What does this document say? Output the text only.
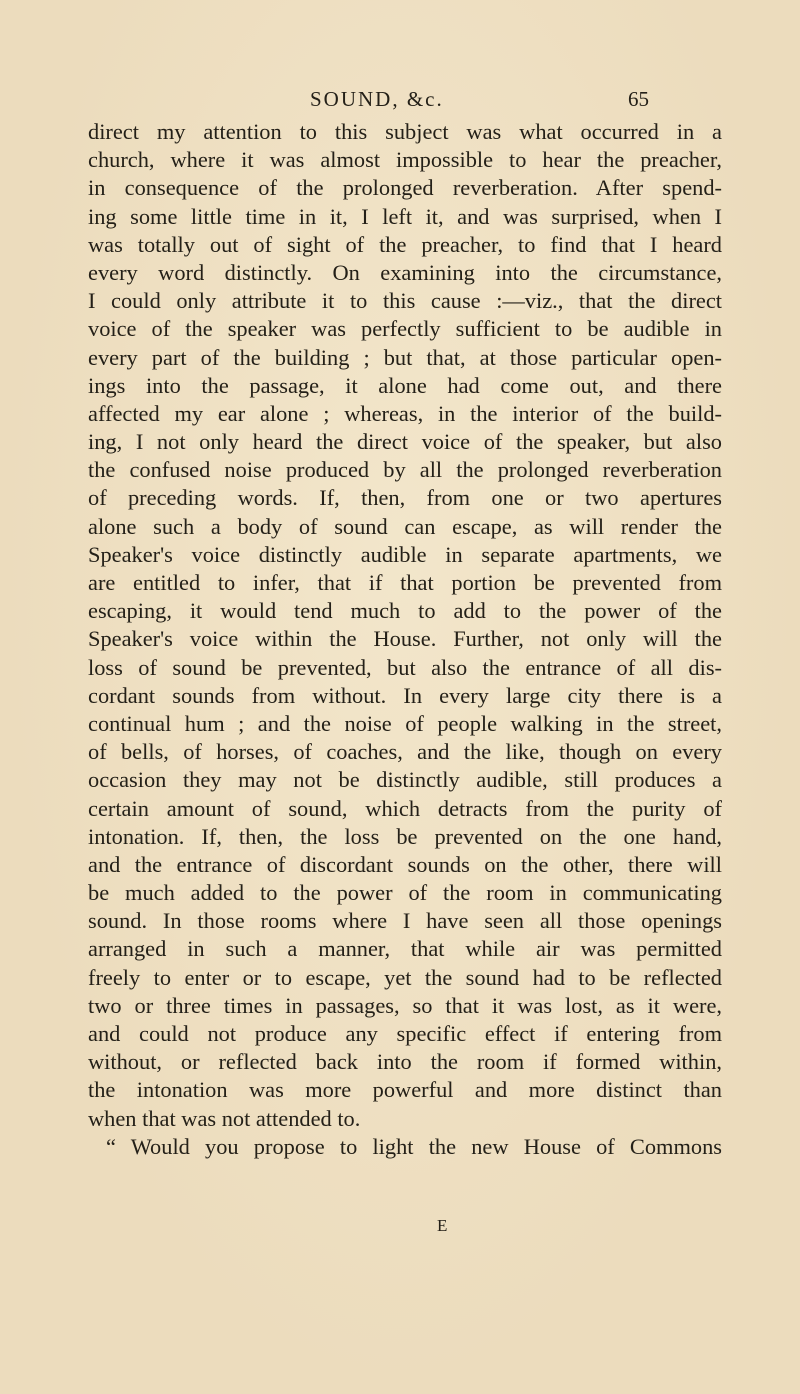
SOUND, &c.	65
direct my attention to this subject was what occurred in a
church, where it was almost impossible to hear the preacher,
in consequence of the prolonged reverberation. After spend-
ing some little time in it, I left it, and was surprised, when I
was totally out of sight of the preacher, to find that I heard
every word distinctly. On examining into the circumstance,
I could only attribute it to this cause :—viz., that the direct
voice of the speaker was perfectly sufficient to be audible in
every part of the building ; but that, at those particular open-
ings into the passage, it alone had come out, and there
affected my ear alone ; whereas, in the interior of the build-
ing, I not only heard the direct voice of the speaker, but also
the confused noise produced by all the prolonged reverberation
of preceding words. If, then, from one or two apertures
alone such a body of sound can escape, as will render the
Speaker's voice distinctly audible in separate apartments, we
are entitled to infer, that if that portion be prevented from
escaping, it would tend much to add to the power of the
Speaker's voice within the House. Further, not only will the
loss of sound be prevented, but also the entrance of all dis-
cordant sounds from without. In every large city there is a
continual hum ; and the noise of people walking in the street,
of bells, of horses, of coaches, and the like, though on every
occasion they may not be distinctly audible, still produces a
certain amount of sound, which detracts from the purity of
intonation. If, then, the loss be prevented on the one hand,
and the entrance of discordant sounds on the other, there will
be much added to the power of the room in communicating
sound. In those rooms where I have seen all those openings
arranged in such a manner, that while air was permitted
freely to enter or to escape, yet the sound had to be reflected
two or three times in passages, so that it was lost, as it were,
and could not produce any specific effect if entering from
without, or reflected back into the room if formed within,
the intonation was more powerful and more distinct than
when that was not attended to.
“ Would you propose to light the new House of Commons
E
